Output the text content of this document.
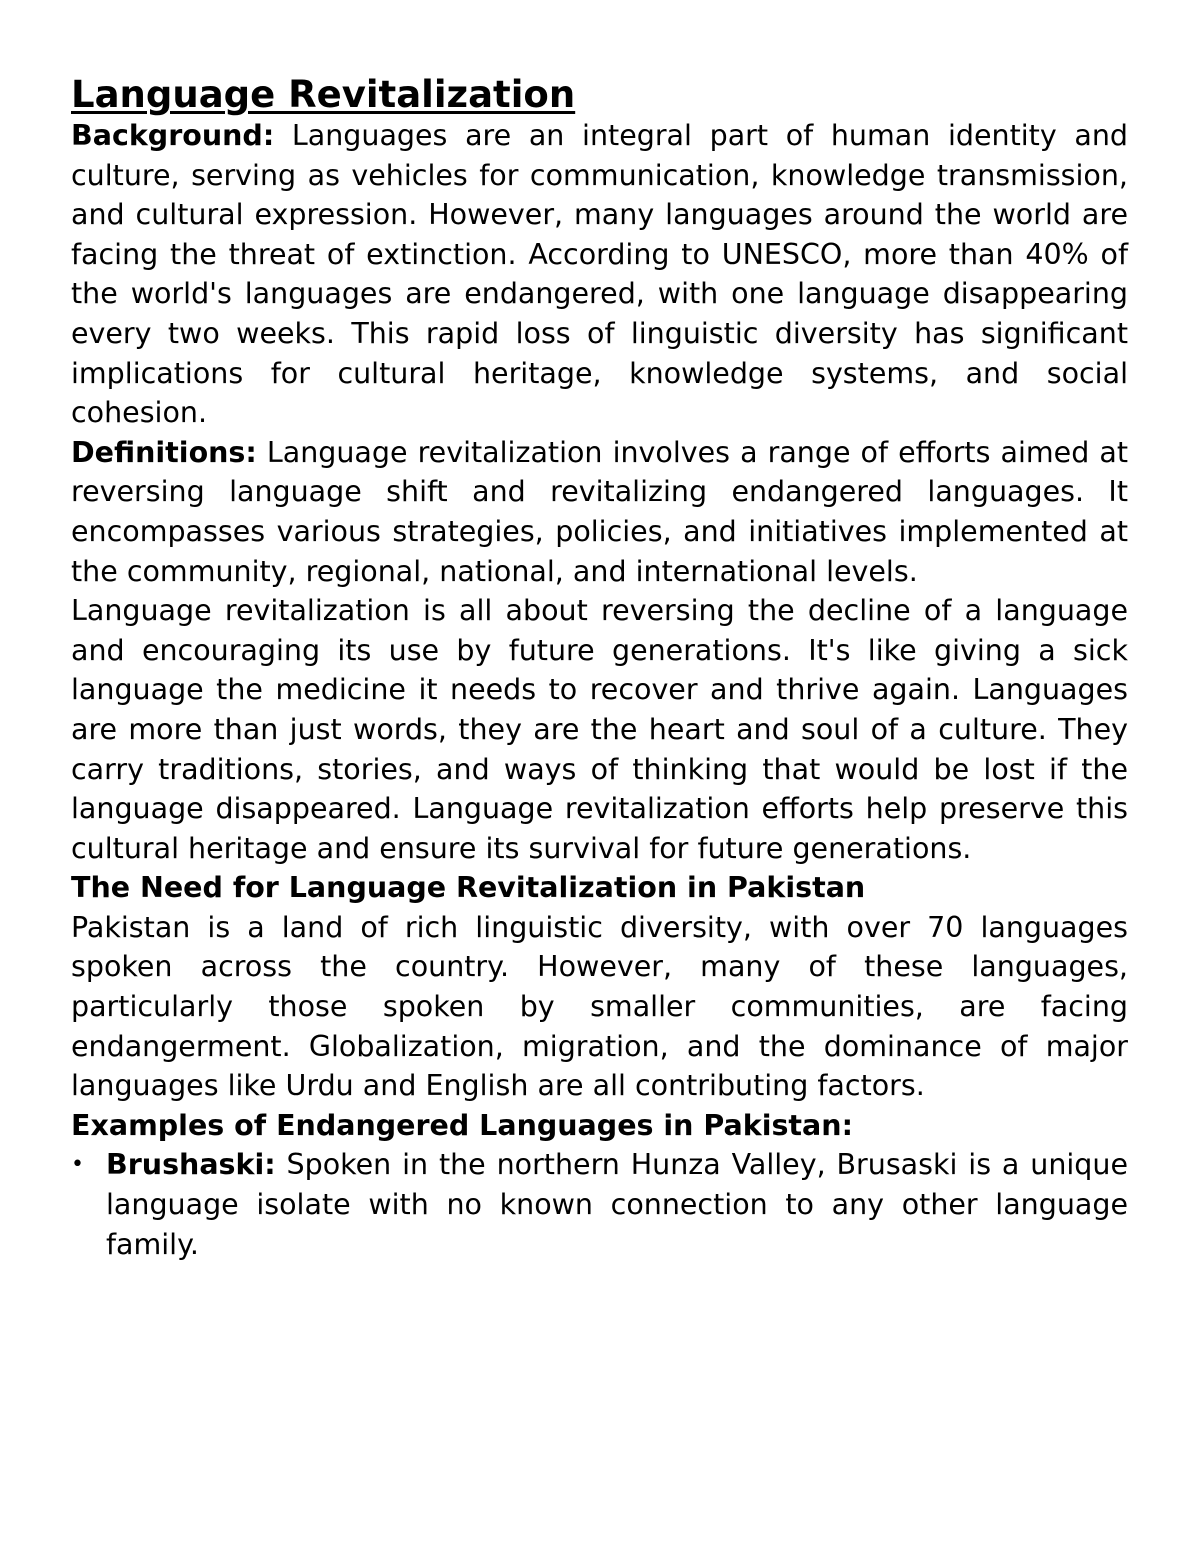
Language Revitalization

Background: Languages are an integral part of human identity and culture, serving as vehicles for communication, knowledge transmission, and cultural expression. However, many languages around the world are facing the threat of extinction. According to UNESCO, more than 40% of the world's languages are endangered, with one language disappearing every two weeks. This rapid loss of linguistic diversity has significant implications for cultural heritage, knowledge systems, and social cohesion.

Definitions: Language revitalization involves a range of efforts aimed at reversing language shift and revitalizing endangered languages. It encompasses various strategies, policies, and initiatives implemented at the community, regional, national, and international levels.

Language revitalization is all about reversing the decline of a language and encouraging its use by future generations. It's like giving a sick language the medicine it needs to recover and thrive again. Languages are more than just words, they are the heart and soul of a culture. They carry traditions, stories, and ways of thinking that would be lost if the language disappeared. Language revitalization efforts help preserve this cultural heritage and ensure its survival for future generations.

The Need for Language Revitalization in Pakistan

Pakistan is a land of rich linguistic diversity, with over 70 languages spoken across the country. However, many of these languages, particularly those spoken by smaller communities, are facing endangerment. Globalization, migration, and the dominance of major languages like Urdu and English are all contributing factors.

Examples of Endangered Languages in Pakistan:
• Brushaski: Spoken in the northern Hunza Valley, Brusaski is a unique language isolate with no known connection to any other language family.
